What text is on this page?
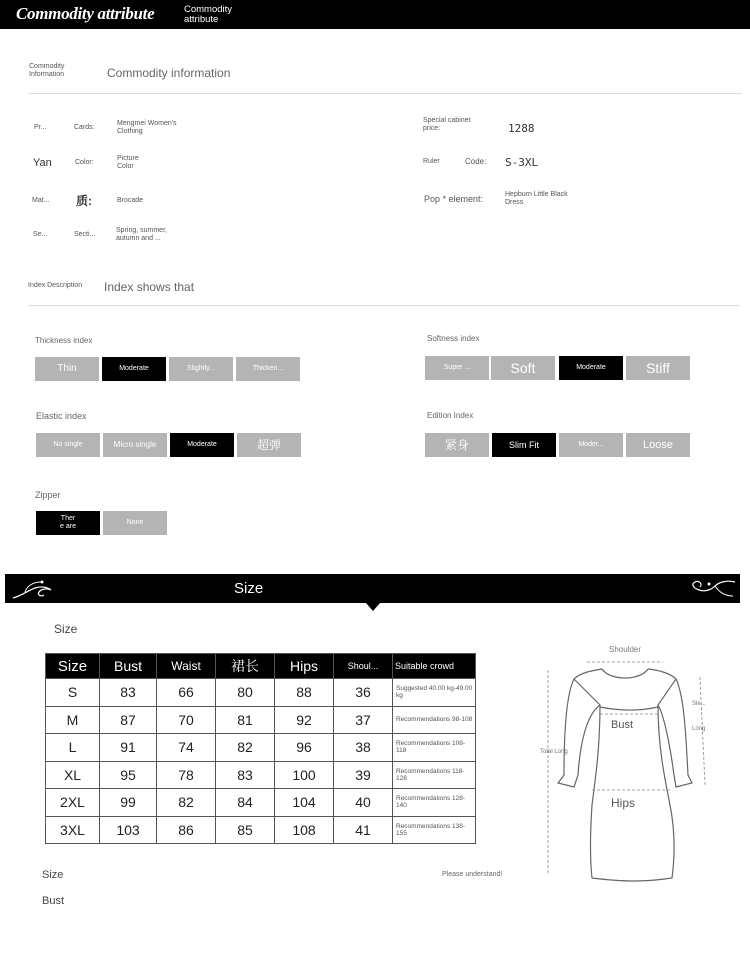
Commodity attribute	Commodity attribute
Commodity Information	Commodity information
Pr...	Cards:
Mengmei Women's Clothing
Yan	Color:
Picture Color
Mat... 质:	Brocade
Se...	Secti...
Spring, summer, autumn and ...
Special cabinet price:	1288
Ruler	Code: S-3XL
Pop * element:	Hepburn Little Black Dress
Index Description Index shows that
Thickness index
Thin	Moderate	Slightly...	Thicken...
Softness index
Super ...	Soft	Moderate	Stiff
Elastic index
No single	Micro single	Moderate	超弹
Edition Index
紧身	Slim Fit	Moder...	Loose
Zipper
Ther e are
None
Size
Size
Size	Bust	Waist	裙长	Hips	Shoul...	Suitable crowd
S	83	66	80	88	36	Suggested 40.00 kg-49.00 kg
M	87	70	81	92	37	Recommendations 98-108
L	91	74	82	96	38	Recommendations 108-118
XL	95	78	83	100	39	Recommendations 118-128
2XL	99	82	84	104	40	Recommendations 128-140
3XL	103	86	85	108	41	Recommendations 138-155
Shoulder
Bust
Hips
Total Long
Sle...
Long
Please understand!
Size
Bust
